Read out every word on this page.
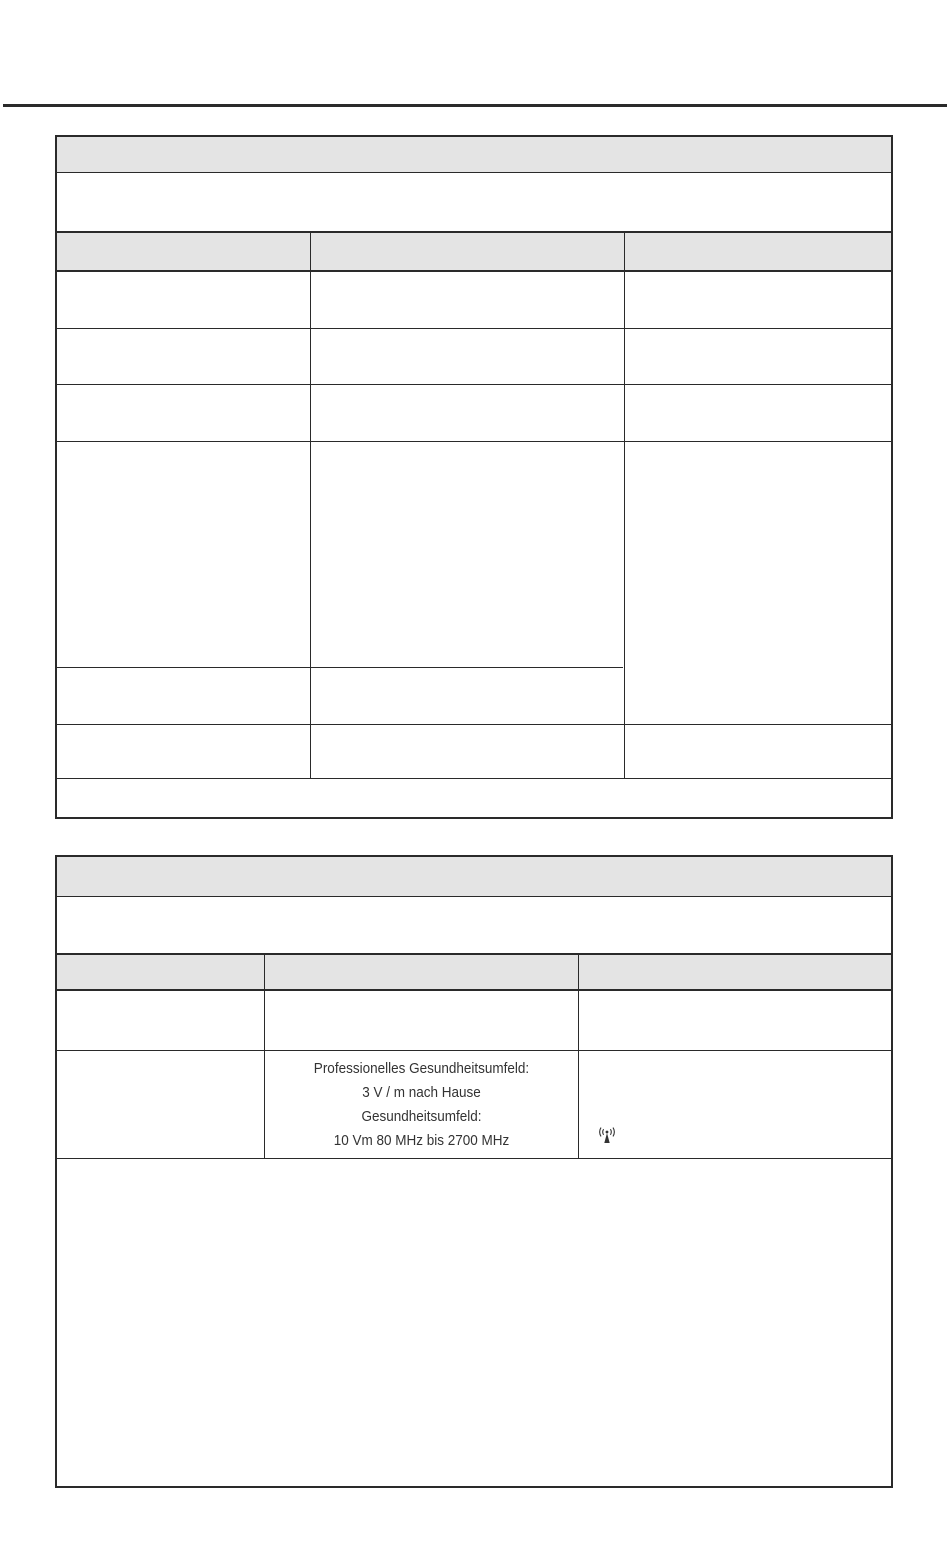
Professionelles Gesundheitsumfeld:
3 V / m nach Hause
Gesundheitsumfeld:
10 Vm 80 MHz bis 2700 MHz
